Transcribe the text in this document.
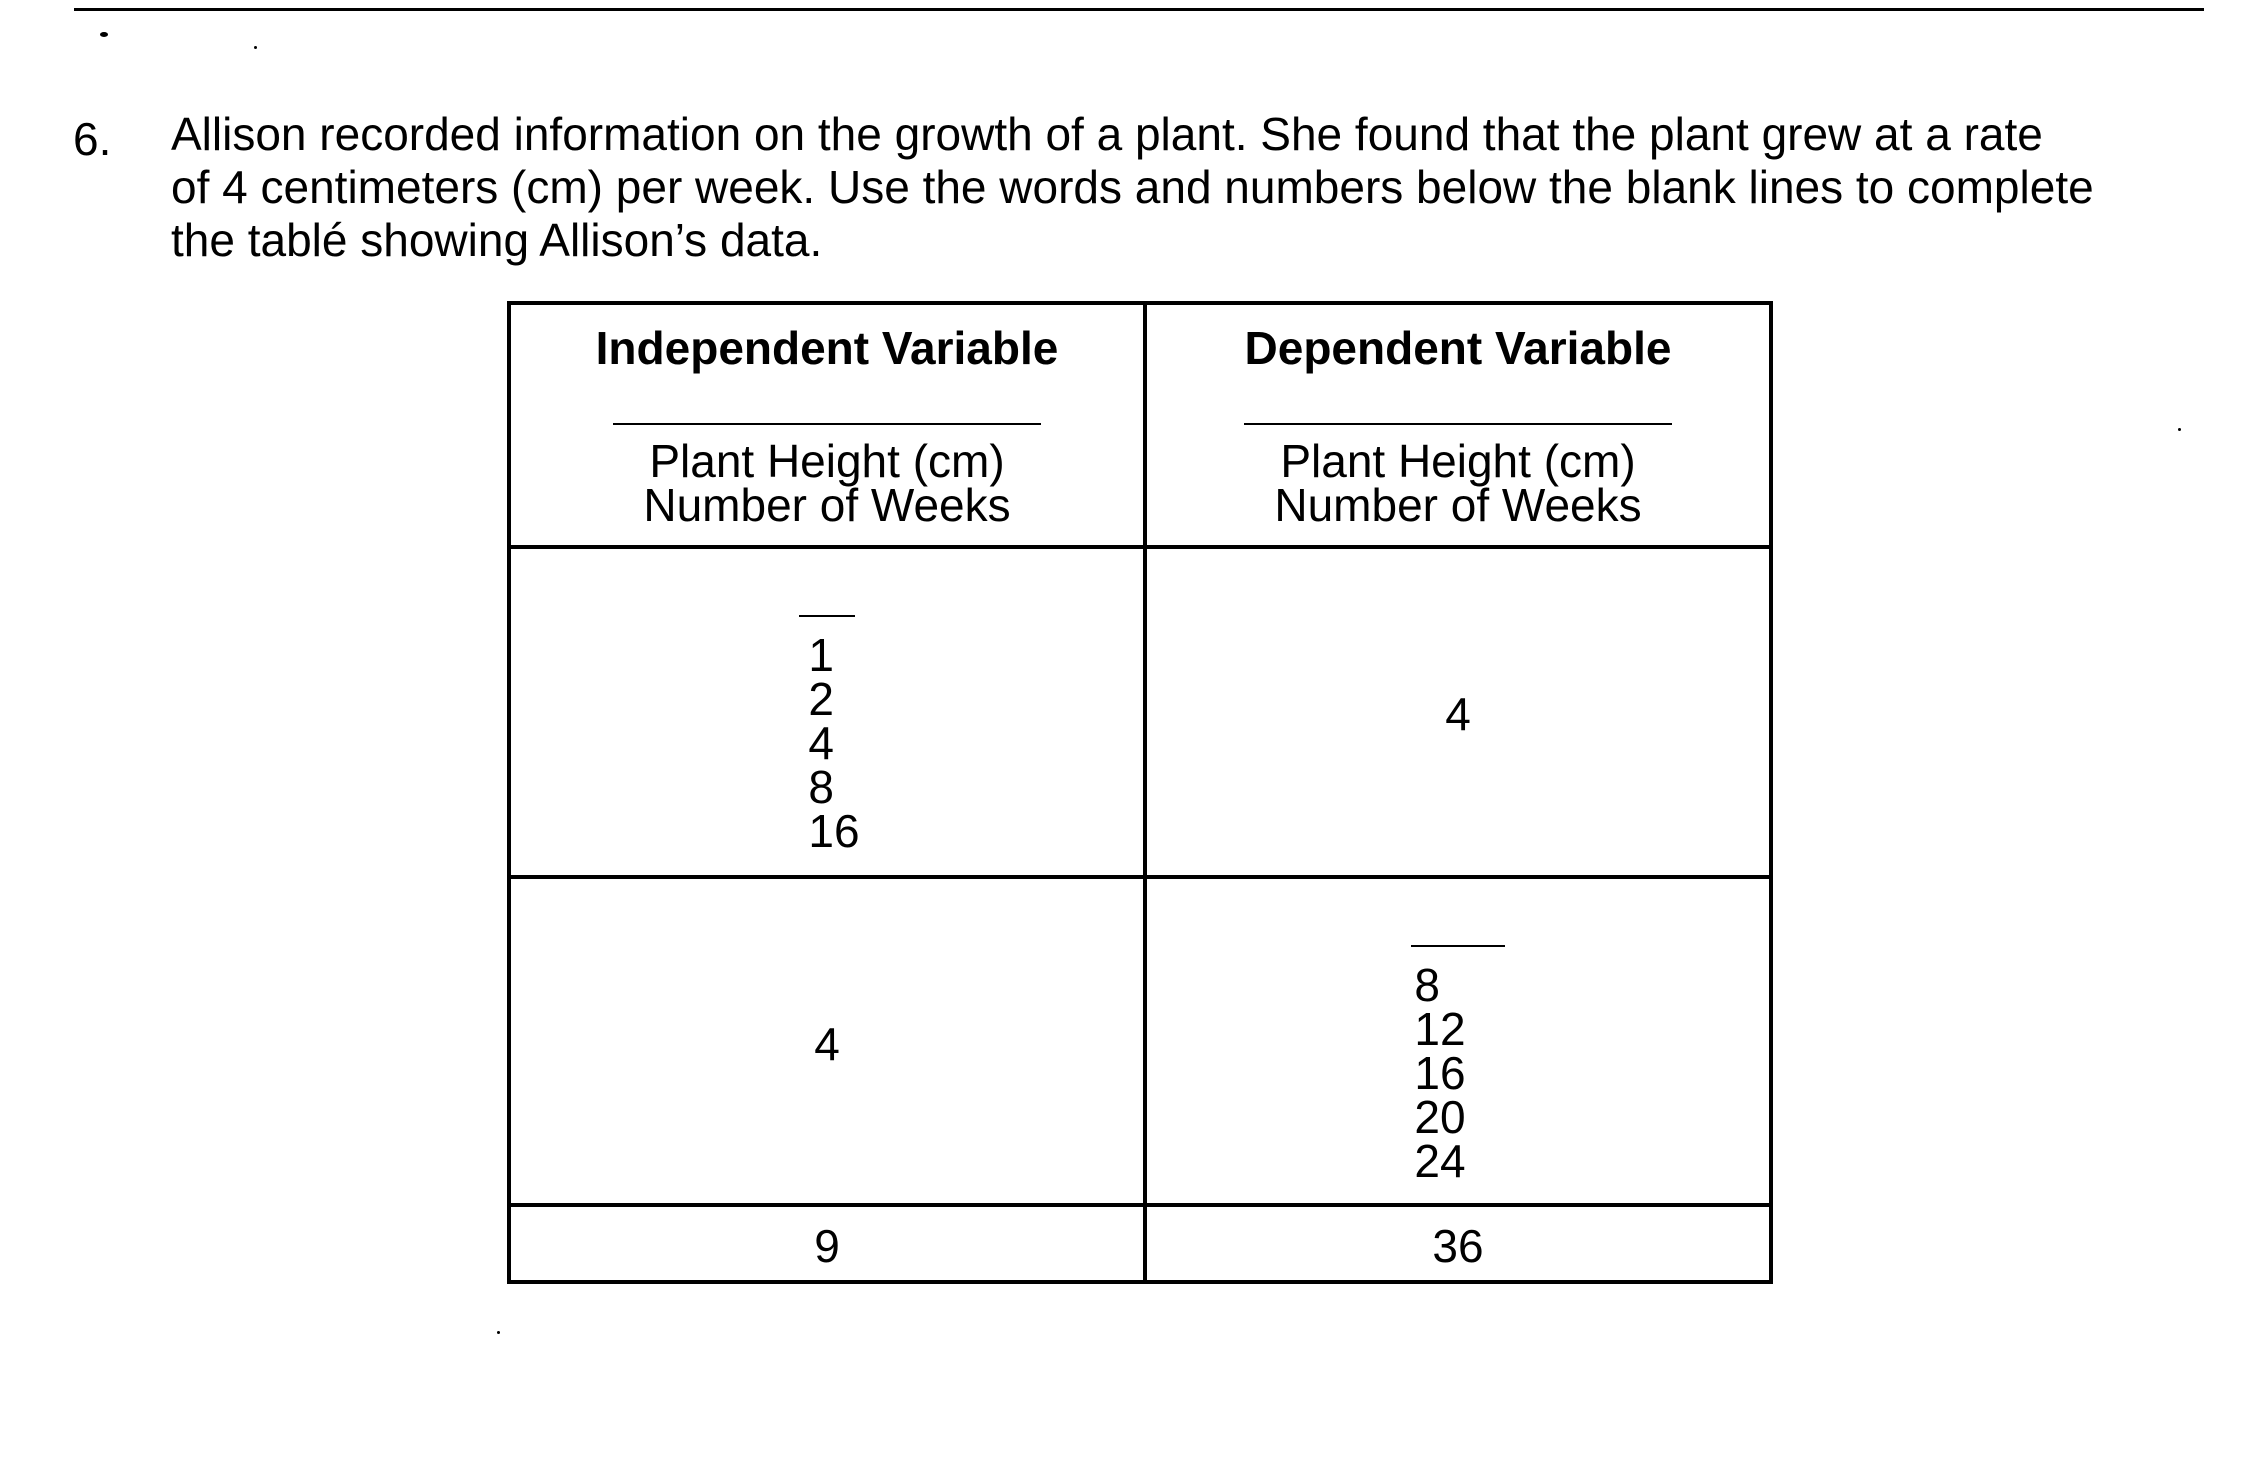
6. Allison recorded information on the growth of a plant. She found that the plant grew at a rate
of 4 centimeters (cm) per week. Use the words and numbers below the blank lines to complete
the tablé showing Allison’s data.
Independent Variable
Plant Height (cm)
Number of Weeks
Dependent Variable
Plant Height (cm)
Number of Weeks
1
2
4
8
16
4
4
8
12
16
20
24
9	36
